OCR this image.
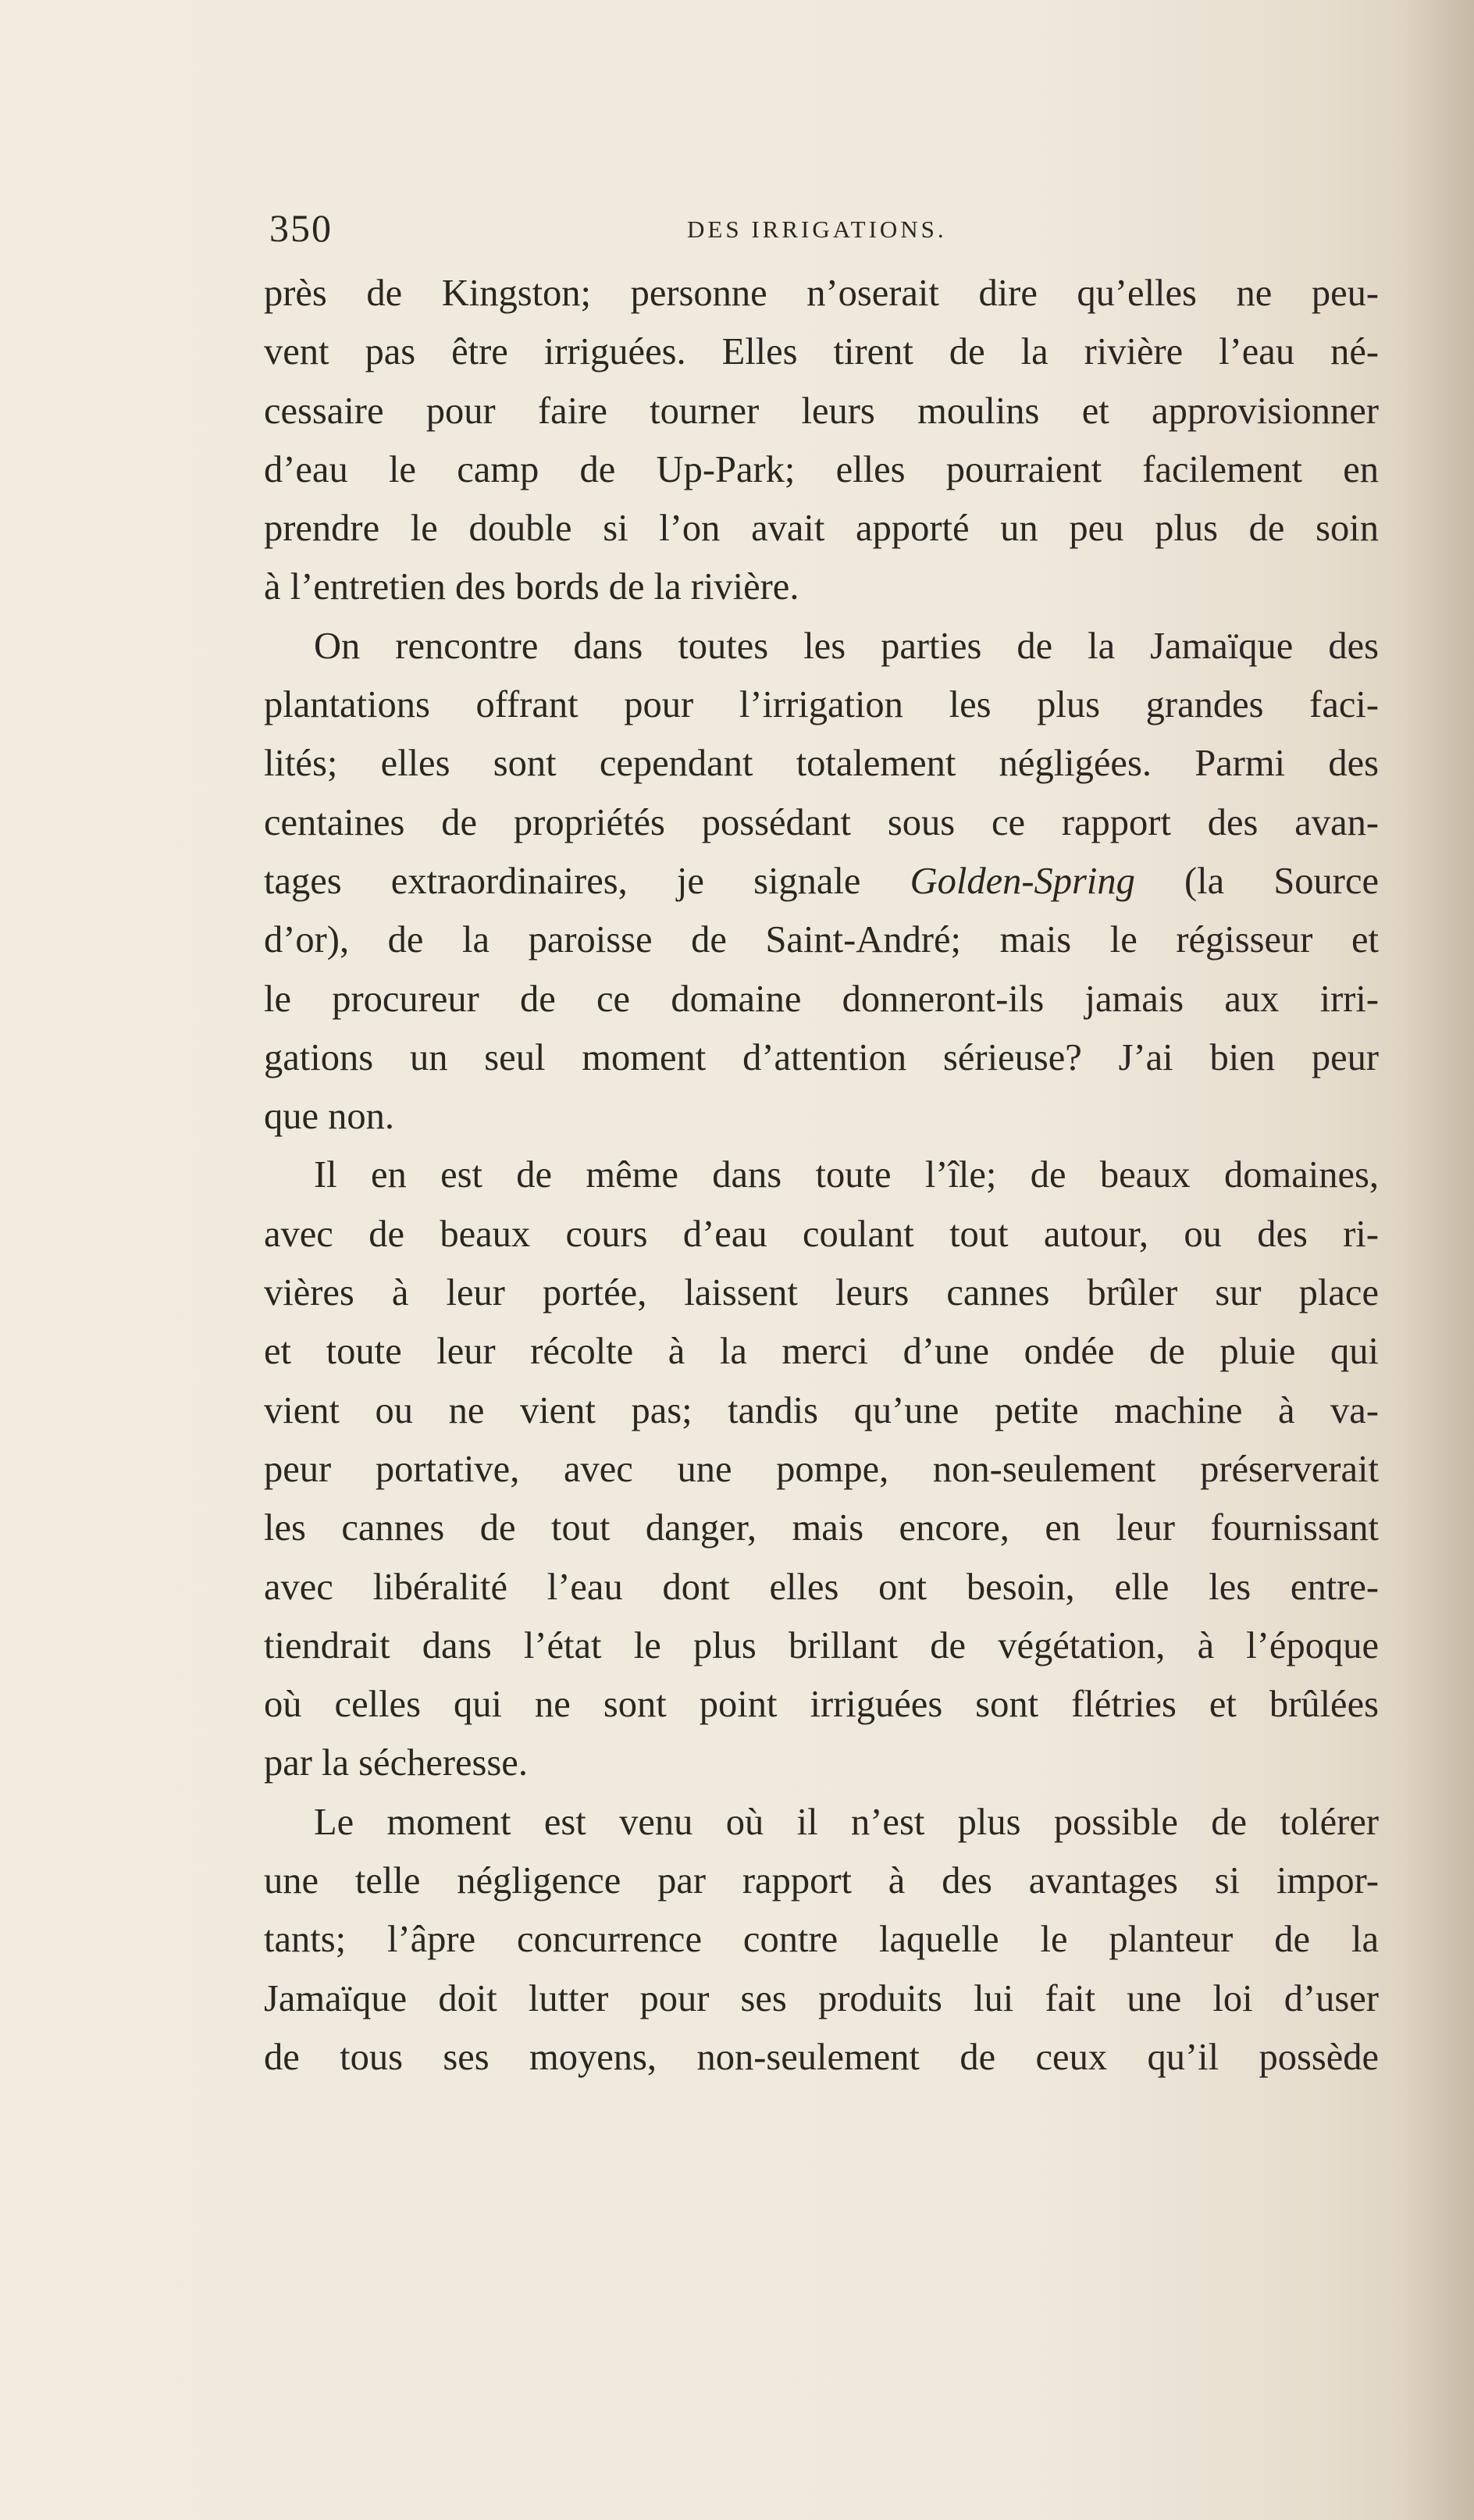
350	DES IRRIGATIONS.
près de Kingston; personne n’oserait dire qu’elles ne peu-
vent pas être irriguées. Elles tirent de la rivière l’eau né-
cessaire pour faire tourner leurs moulins et approvisionner
d’eau le camp de Up-Park; elles pourraient facilement en
prendre le double si l’on avait apporté un peu plus de soin
à l’entretien des bords de la rivière.
On rencontre dans toutes les parties de la Jamaïque des
plantations offrant pour l’irrigation les plus grandes faci-
lités; elles sont cependant totalement négligées. Parmi des
centaines de propriétés possédant sous ce rapport des avan-
tages extraordinaires, je signale Golden-Spring (la Source
d’or), de la paroisse de Saint-André; mais le régisseur et
le procureur de ce domaine donneront-ils jamais aux irri-
gations un seul moment d’attention sérieuse? J’ai bien peur
que non.
Il en est de même dans toute l’île; de beaux domaines,
avec de beaux cours d’eau coulant tout autour, ou des ri-
vières à leur portée, laissent leurs cannes brûler sur place
et toute leur récolte à la merci d’une ondée de pluie qui
vient ou ne vient pas; tandis qu’une petite machine à va-
peur portative, avec une pompe, non-seulement préserverait
les cannes de tout danger, mais encore, en leur fournissant
avec libéralité l’eau dont elles ont besoin, elle les entre-
tiendrait dans l’état le plus brillant de végétation, à l’époque
où celles qui ne sont point irriguées sont flétries et brûlées
par la sécheresse.
Le moment est venu où il n’est plus possible de tolérer
une telle négligence par rapport à des avantages si impor-
tants; l’âpre concurrence contre laquelle le planteur de la
Jamaïque doit lutter pour ses produits lui fait une loi d’user
de tous ses moyens, non-seulement de ceux qu’il possède
